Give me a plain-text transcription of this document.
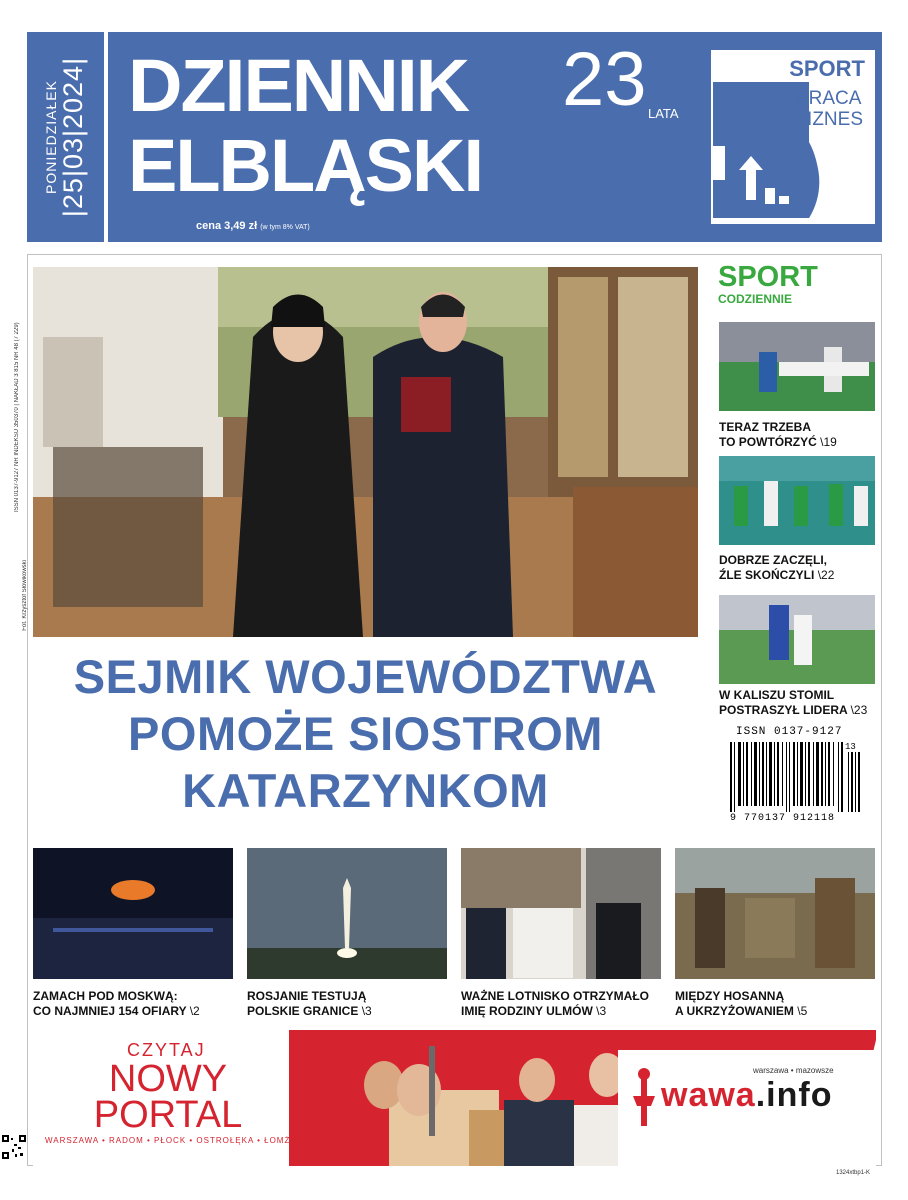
PONIEDZIAŁEK |25|03|2024| DZIENNIK
ELBLĄSKI
23 LATA
cena 3,49 zł (w tym 8% VAT)
SPORT
PRACA
BIZNES
ISSN 0137-9127 NR INDEKSU 350370 | NAKŁAD 3 815 NR 48 (7 229)
Fot. Krzysztof Słowikowski
SEJMIK WOJEWÓDZTWA
POMOŻE SIOSTROM
KATARZYNKOM
SPORT
CODZIENNIE
TERAZ TRZEBA
TO POWTÓRZYĆ \19
DOBRZE ZACZĘLI,
ŹLE SKOŃCZYLI \22
W KALISZU STOMIL
POSTRASZYŁ LIDERA \23
ISSN 0137-9127
13
9 770137 912118
ZAMACH POD MOSKWĄ:
CO NAJMNIEJ 154 OFIARY \2
ROSJANIE TESTUJĄ
POLSKIE GRANICE \3
WAŻNE LOTNISKO OTRZYMAŁO
IMIĘ RODZINY ULMÓW \3
MIĘDZY HOSANNĄ
A UKRZYŻOWANIEM \5
CZYTAJ
NOWY
PORTAL
WARSZAWA • RADOM • PŁOCK • OSTROŁĘKA • ŁOMŻA • SIEDLCE
warszawa • mazowsze
wawa.info
1324xtbp1-K
